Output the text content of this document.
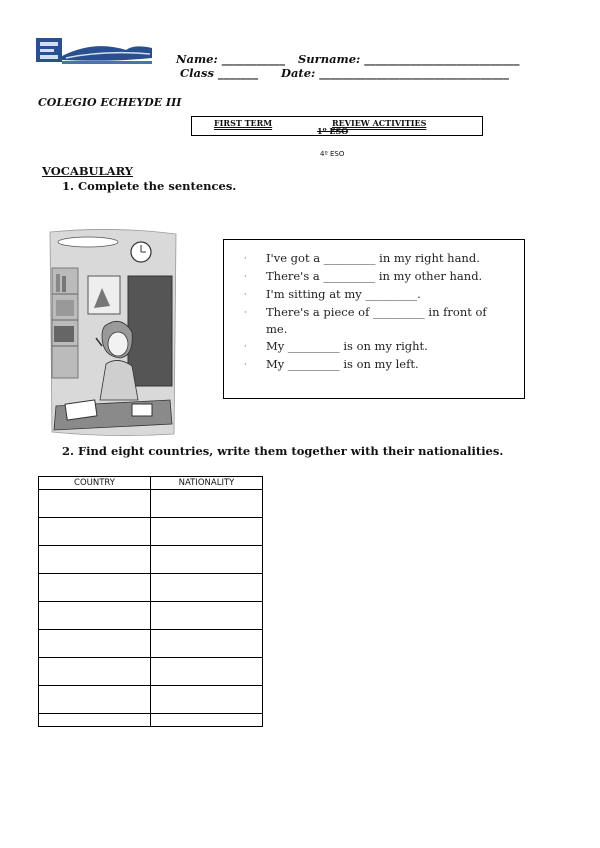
Name: ___________ Surname: ___________________________
Class _______ Date: _________________________________
COLEGIO ECHEYDE III
FIRST TERM	REVIEW ACTIVITIES
1º ESO
4º ESO
VOCABULARY
1. Complete the sentences.
· I've got a _________ in my right hand.
· There's a _________ in my other hand.
· I'm sitting at my _________.
· There's a piece of _________ in front of
me.
· My _________ is on my right.
· My _________ is on my left.
2. Find eight countries, write them together with their nationalities.
COUNTRY	NATIONALITY
